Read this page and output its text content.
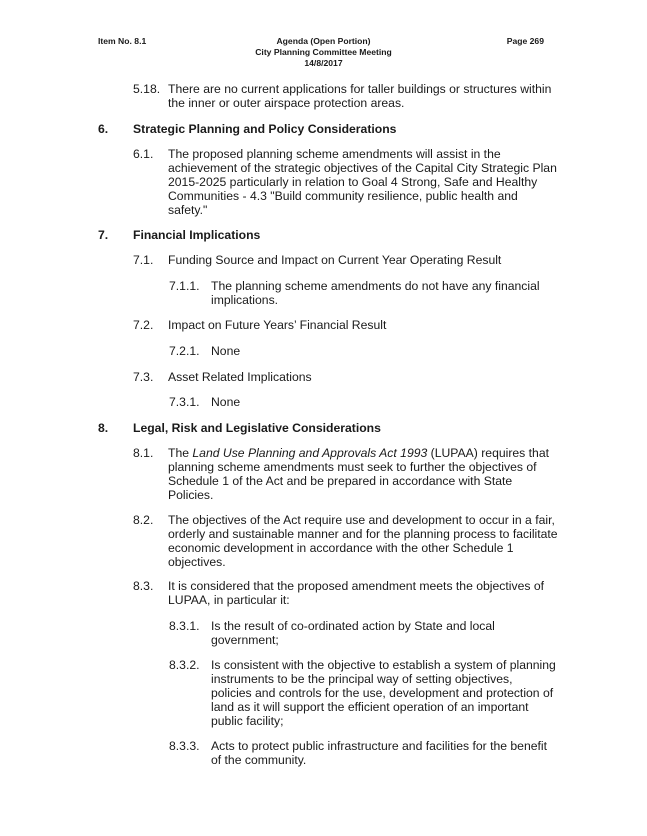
Item No. 8.1	Agenda (Open Portion)
City Planning Committee Meeting
14/8/2017
Page 269
5.18. There are no current applications for taller buildings or structures within the inner or outer airspace protection areas.
6. Strategic Planning and Policy Considerations
6.1. The proposed planning scheme amendments will assist in the achievement of the strategic objectives of the Capital City Strategic Plan 2015-2025 particularly in relation to Goal 4 Strong, Safe and Healthy Communities - 4.3 "Build community resilience, public health and safety."
7. Financial Implications
7.1. Funding Source and Impact on Current Year Operating Result
7.1.1. The planning scheme amendments do not have any financial implications.
7.2. Impact on Future Years’ Financial Result
7.2.1. None
7.3. Asset Related Implications
7.3.1. None
8. Legal, Risk and Legislative Considerations
8.1. The Land Use Planning and Approvals Act 1993 (LUPAA) requires that planning scheme amendments must seek to further the objectives of Schedule 1 of the Act and be prepared in accordance with State Policies.
8.2. The objectives of the Act require use and development to occur in a fair, orderly and sustainable manner and for the planning process to facilitate economic development in accordance with the other Schedule 1 objectives.
8.3. It is considered that the proposed amendment meets the objectives of LUPAA, in particular it:
8.3.1. Is the result of co-ordinated action by State and local government;
8.3.2. Is consistent with the objective to establish a system of planning instruments to be the principal way of setting objectives, policies and controls for the use, development and protection of land as it will support the efficient operation of an important public facility;
8.3.3. Acts to protect public infrastructure and facilities for the benefit of the community.
